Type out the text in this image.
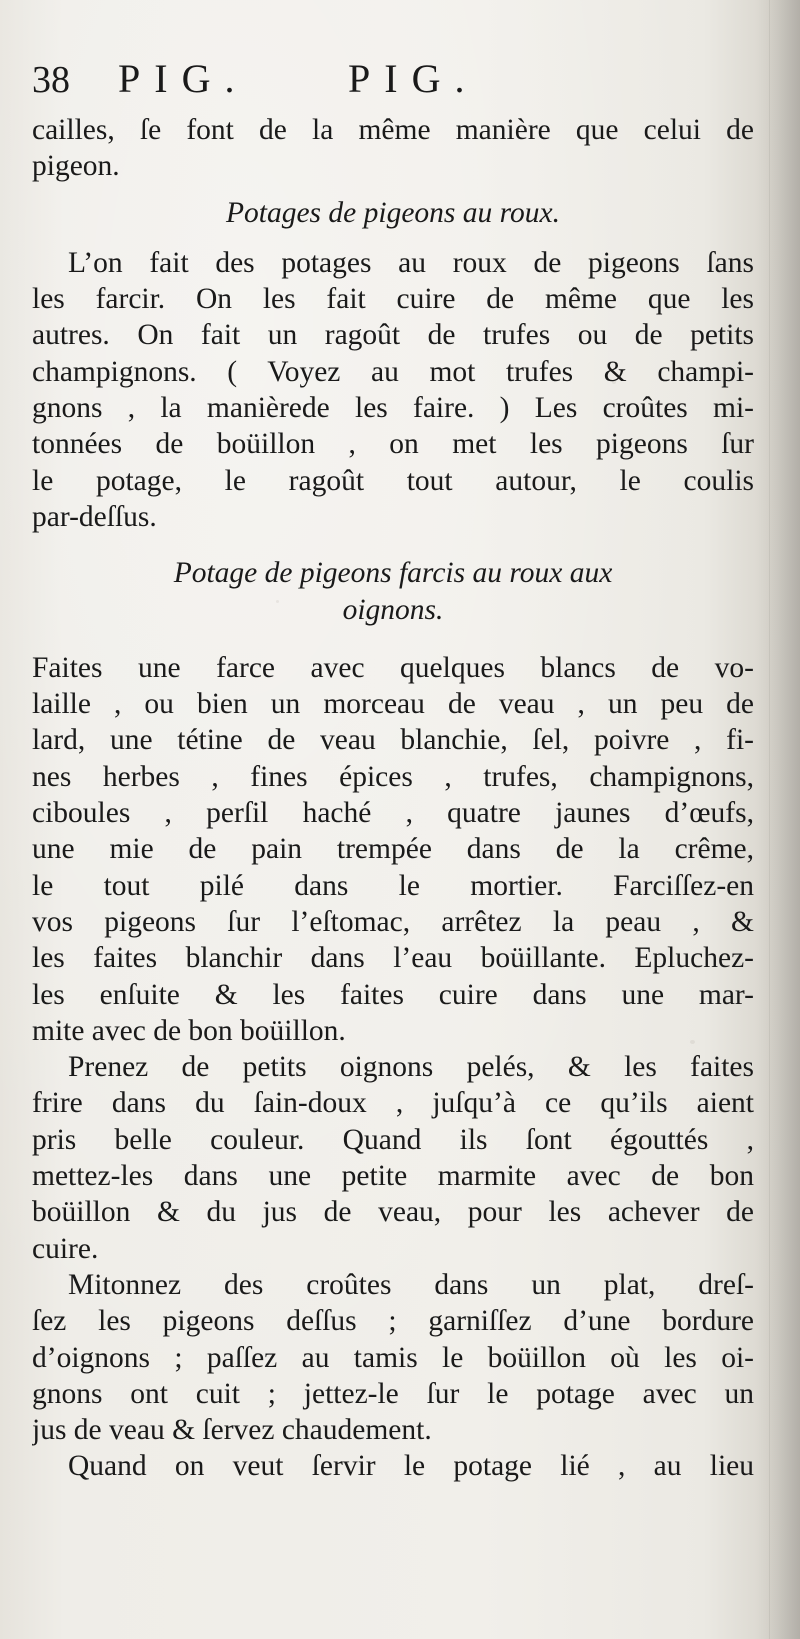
38	PIG.	PIG.
cailles, ſe font de la même manière que celui de
pigeon.
Potages de pigeons au roux.
L’on fait des potages au roux de pigeons ſans
les farcir. On les fait cuire de même que les
autres. On fait un ragoût de trufes ou de petits
champignons. ( Voyez au mot trufes & champi-
gnons , la manièrede les faire. ) Les croûtes mi-
tonnées de boüillon , on met les pigeons ſur
le potage, le ragoût tout autour, le coulis
par-deſſus.
Potage de pigeons farcis au roux aux
oignons.
Faites une farce avec quelques blancs de vo-
laille , ou bien un morceau de veau , un peu de
lard, une tétine de veau blanchie, ſel, poivre , fi-
nes herbes , fines épices , trufes, champignons,
ciboules , perſil haché , quatre jaunes d’œufs,
une mie de pain trempée dans de la crême,
le tout pilé dans le mortier. Farciſſez-en
vos pigeons ſur l’eſtomac, arrêtez la peau , &
les faites blanchir dans l’eau boüillante. Epluchez-
les enſuite & les faites cuire dans une mar-
mite avec de bon boüillon.
Prenez de petits oignons pelés, & les faites
frire dans du ſain-doux , juſqu’à ce qu’ils aient
pris belle couleur. Quand ils ſont égouttés ,
mettez-les dans une petite marmite avec de bon
boüillon & du jus de veau, pour les achever de
cuire.
Mitonnez des croûtes dans un plat, dreſ-
ſez les pigeons deſſus ; garniſſez d’une bordure
d’oignons ; paſſez au tamis le boüillon où les oi-
gnons ont cuit ; jettez-le ſur le potage avec un
jus de veau & ſervez chaudement.
Quand on veut ſervir le potage lié , au lieu
